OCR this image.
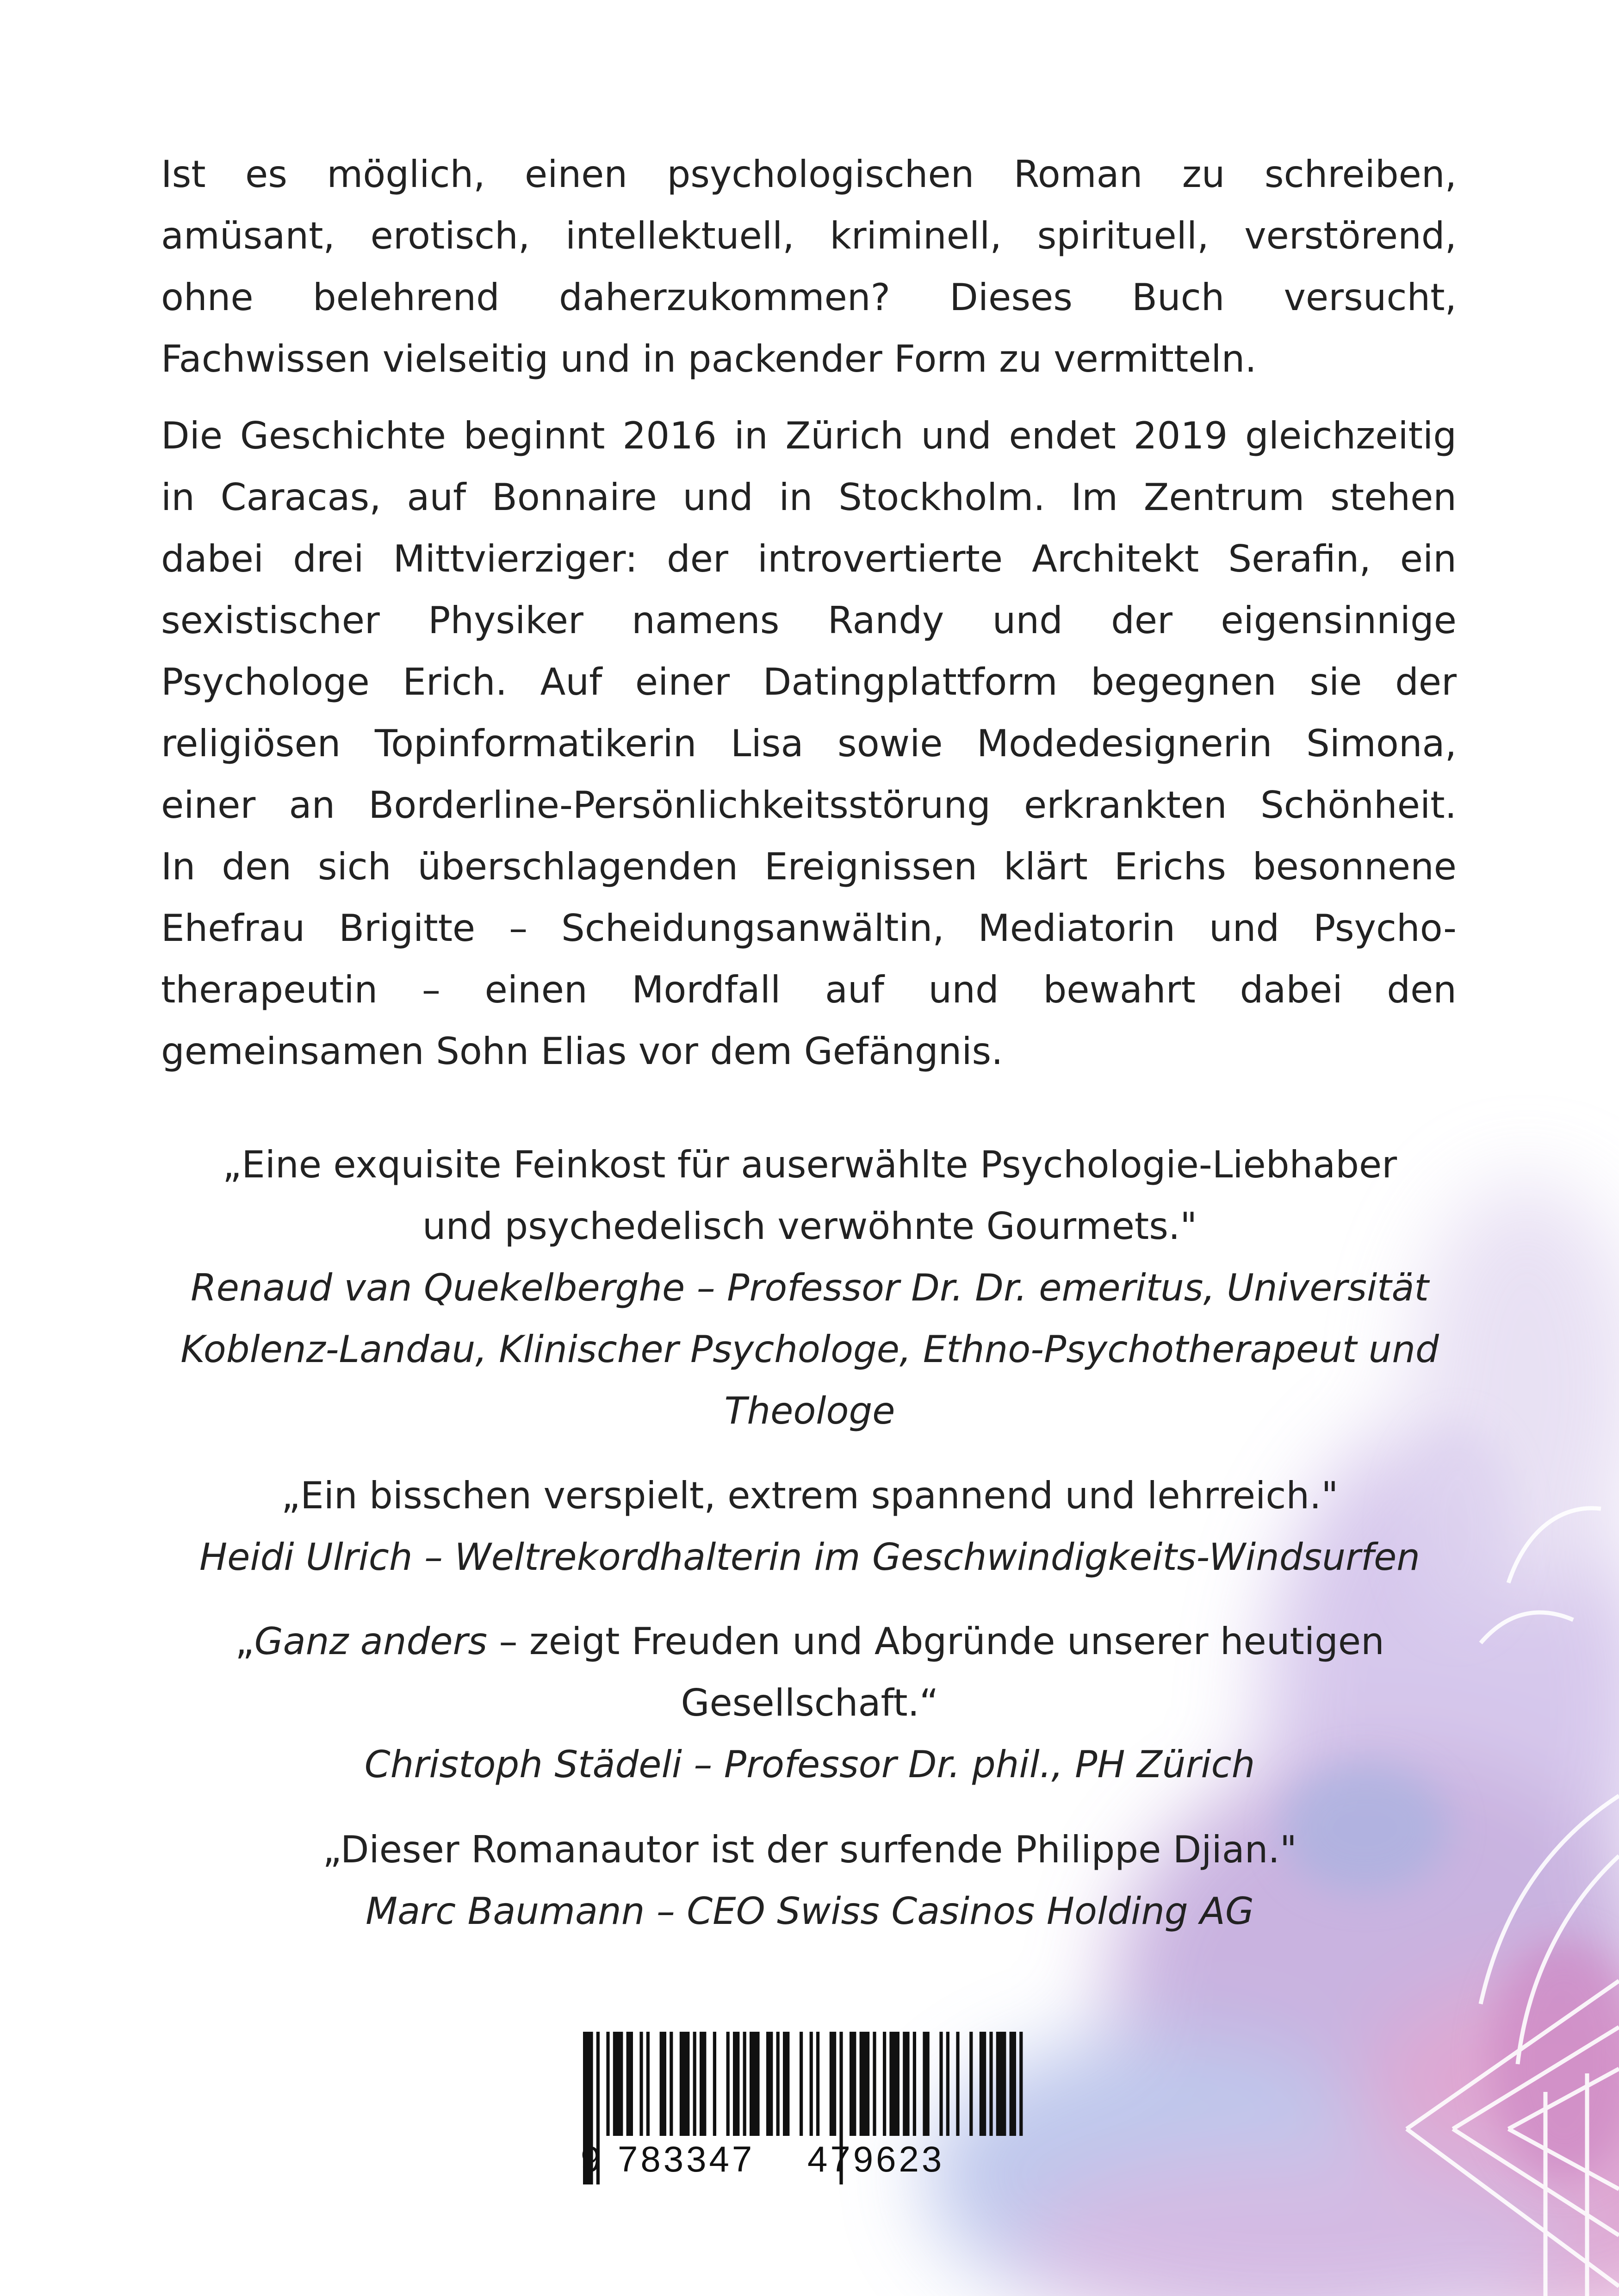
Ist es möglich, einen psychologischen Roman zu schreiben,
amüsant, erotisch, intellektuell, kriminell, spirituell, verstörend,
ohne belehrend daherzukommen? Dieses Buch versucht,
Fachwissen vielseitig und in packender Form zu vermitteln.

Die Geschichte beginnt 2016 in Zürich und endet 2019 gleichzeitig
in Caracas, auf Bonnaire und in Stockholm. Im Zentrum stehen
dabei drei Mittvierziger: der introvertierte Architekt Serafin, ein
sexistischer Physiker namens Randy und der eigensinnige
Psychologe Erich. Auf einer Datingplattform begegnen sie der
religiösen Topinformatikerin Lisa sowie Modedesignerin Simona,
einer an Borderline-Persönlichkeitsstörung erkrankten Schönheit.
In den sich überschlagenden Ereignissen klärt Erichs besonnene
Ehefrau Brigitte – Scheidungsanwältin, Mediatorin und Psycho-
therapeutin – einen Mordfall auf und bewahrt dabei den
gemeinsamen Sohn Elias vor dem Gefängnis.

„Eine exquisite Feinkost für auserwählte Psychologie-Liebhaber
und psychedelisch verwöhnte Gourmets."
Renaud van Quekelberghe – Professor Dr. Dr. emeritus, Universität
Koblenz-Landau, Klinischer Psychologe, Ethno-Psychotherapeut und
Theologe
„Ein bisschen verspielt, extrem spannend und lehrreich."
Heidi Ulrich – Weltrekordhalterin im Geschwindigkeits-Windsurfen
„Ganz anders – zeigt Freuden und Abgründe unserer heutigen
Gesellschaft.“
Christoph Städeli – Professor Dr. phil., PH Zürich
„Dieser Romanautor ist der surfende Philippe Djian."
Marc Baumann – CEO Swiss Casinos Holding AG
9 783347 479623
